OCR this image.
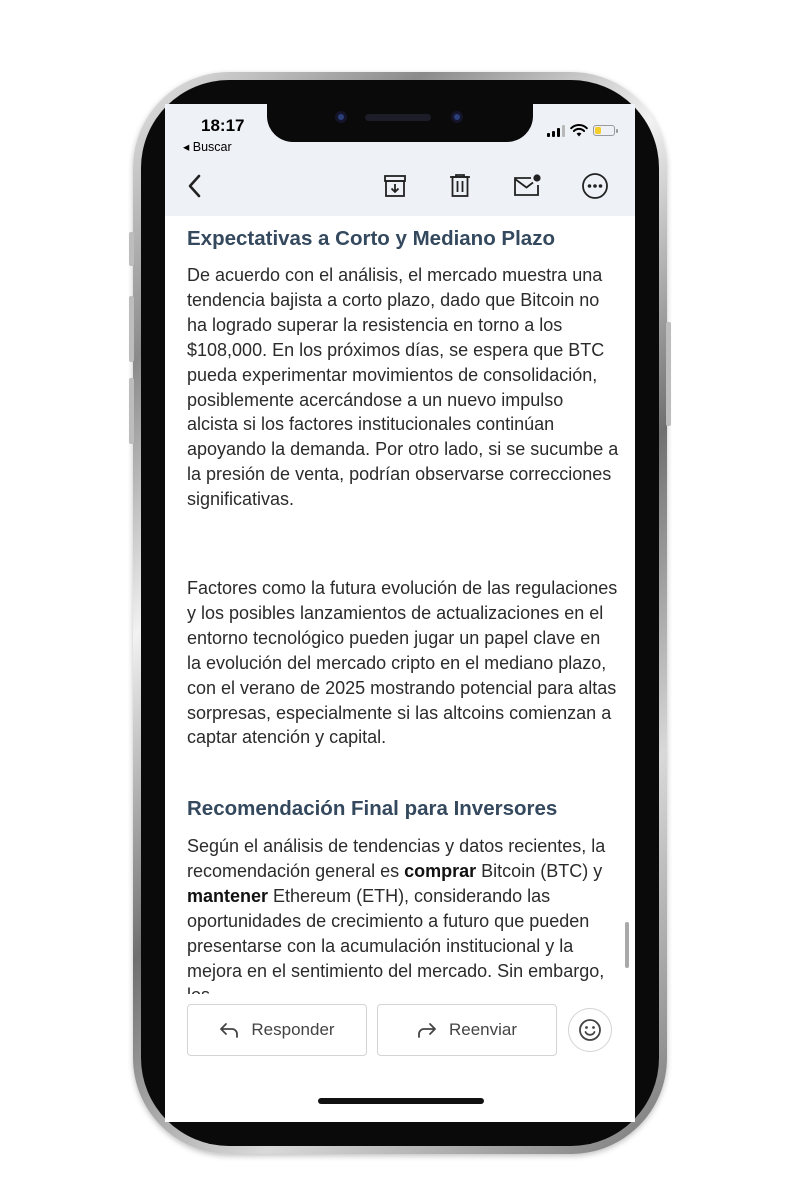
18:17
◂ Buscar
Expectativas a Corto y Mediano Plazo

De acuerdo con el análisis, el mercado muestra una tendencia bajista a corto plazo, dado que Bitcoin no ha logrado superar la resistencia en torno a los $108,000. En los próximos días, se espera que BTC pueda experimentar movimientos de consolidación, posiblemente acercándose a un nuevo impulso alcista si los factores institucionales continúan apoyando la demanda. Por otro lado, si se sucumbe a la presión de venta, podrían observarse correcciones significativas.

Factores como la futura evolución de las regulaciones y los posibles lanzamientos de actualizaciones en el entorno tecnológico pueden jugar un papel clave en la evolución del mercado cripto en el mediano plazo, con el verano de 2025 mostrando potencial para altas sorpresas, especialmente si las altcoins comienzan a captar atención y capital.

Recomendación Final para Inversores

Según el análisis de tendencias y datos recientes, la recomendación general es comprar Bitcoin (BTC) y mantener Ethereum (ETH), considerando las oportunidades de crecimiento a futuro que pueden presentarse con la acumulación institucional y la mejora en el sentimiento del mercado. Sin embargo,

Responder	Reenviar
